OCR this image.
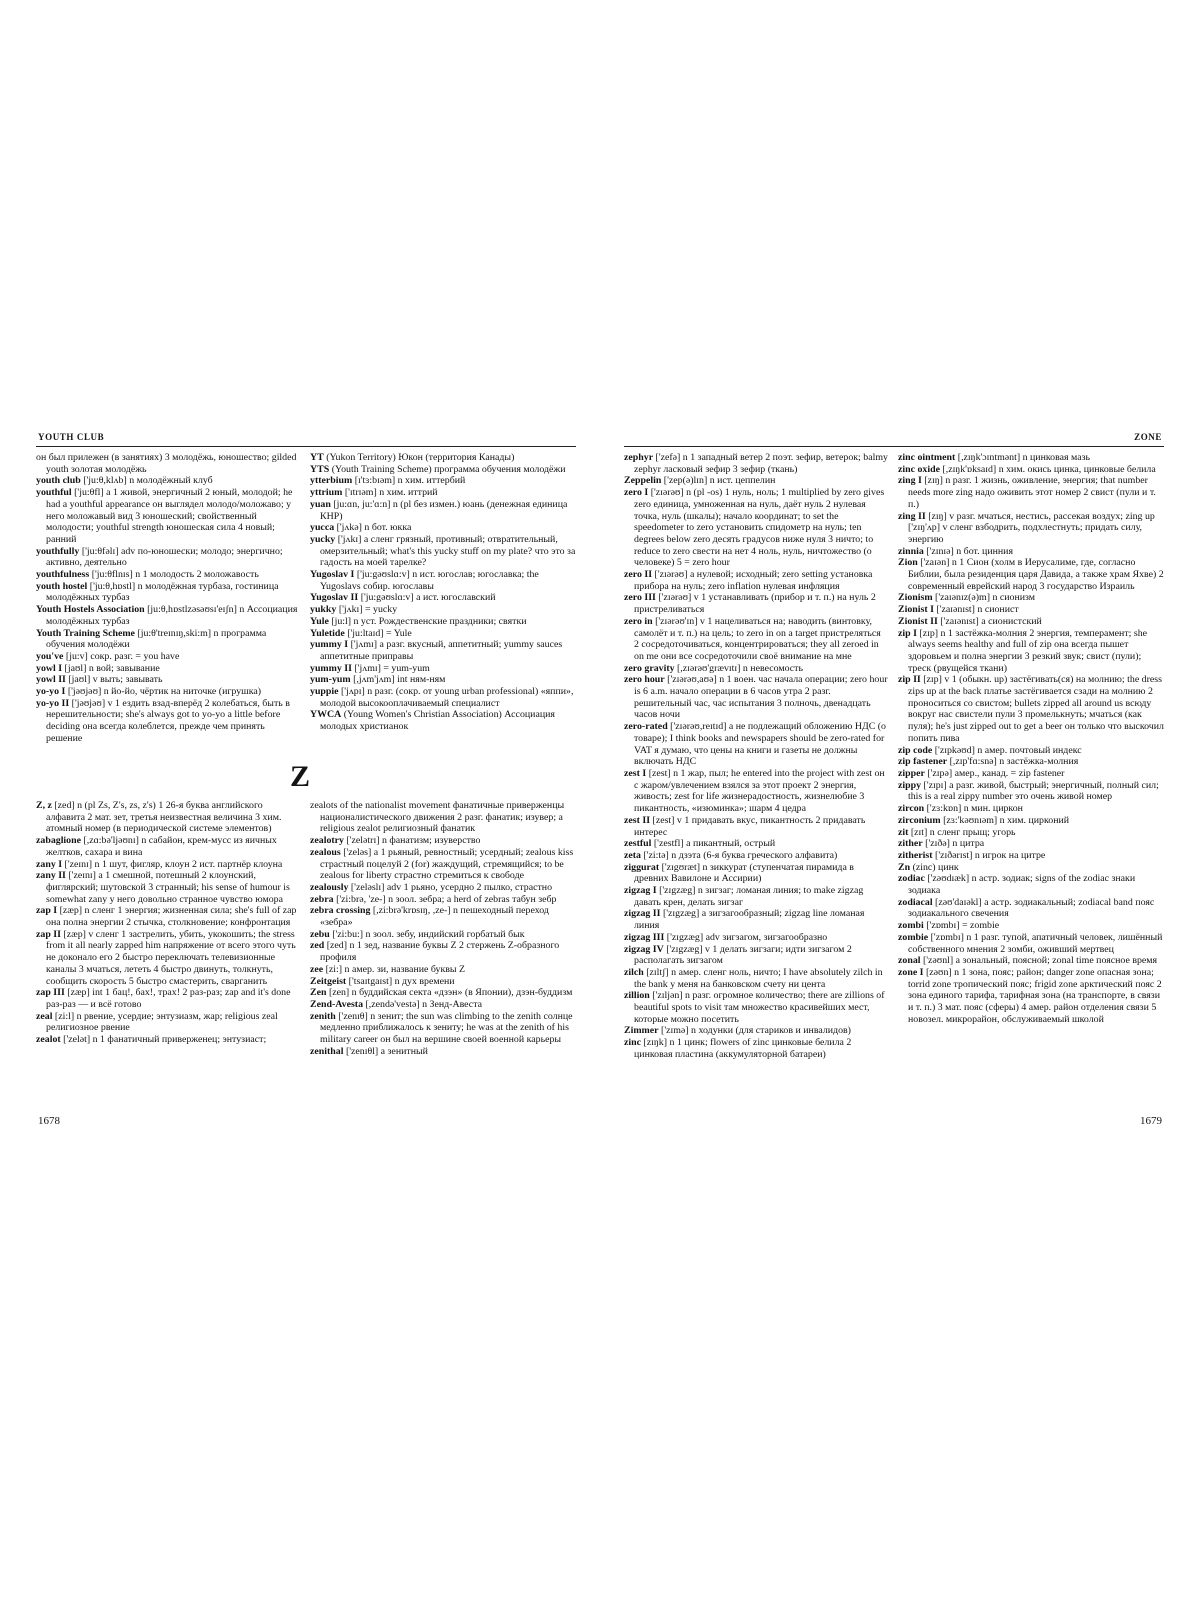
YOUTH CLUB	ZONE

он был прилежен (в занятиях) 3 молодёжь, юношество; gilded youth золотая молодёжь

youth club ['ju:θ,klʌb] n молодёжный клуб

youthful ['ju:θfl] a 1 живой, энергичный 2 юный, молодой; he had a youthful appearance он выглядел молодо/моложаво; у него моложавый вид 3 юношеский; свойственный молодости; youthful strength юношеская сила 4 новый; ранний

youthfully ['ju:θfəlɪ] adv по-юношески; молодо; энергично; активно, деятельно

youthfulness ['ju:θflnɪs] n 1 молодость 2 моложавость

youth hostel ['ju:θ,hɒstl] n молодёжная турбаза, гостиница молодёжных турбаз

Youth Hostels Association [ju:θ,hɒstlzəsəʊsɪ'eɪʃn] n Ассоциация молодёжных турбаз

Youth Training Scheme [ju:θ'treɪnɪŋ,ski:m] n программа обучения молодёжи

you've [ju:v] сокр. разг. = you have

yowl I [jaʊl] n вой; завывание

yowl II [jaʊl] v выть; завывать

yo-yo I ['jəʊjəʊ] n йо-йо, чёртик на ниточке (игрушка)

yo-yo II ['jəʊjəʊ] v 1 ездить взад-вперёд 2 колебаться, быть в нерешительности; she's always got to yo-yo a little before deciding она всегда колеблется, прежде чем принять решение

YT (Yukon Territory) Юкон (территория Канады)

YTS (Youth Training Scheme) программа обучения молодёжи

ytterbium [ɪ'tɜ:bɪəm] n хим. иттербий

yttrium ['ɪtrɪəm] n хим. иттрий

yuan [ju:ɑn, ju:'ɑ:n] n (pl без измен.) юань (денежная единица КНР)

yucca ['jʌkə] n бот. юкка

yucky ['jʌkɪ] a сленг грязный, противный; отвратительный, омерзительный; what's this yucky stuff on my plate? что это за гадость на моей тарелке?

Yugoslav I ['ju:gəʊslɑ:v] n ист. югослав; югославка; the Yugoslavs собир. югославы

Yugoslav II ['ju:gəʊslɑ:v] a ист. югославский

yukky ['jʌkɪ] = yucky

Yule [ju:l] n уст. Рождественские праздники; святки

Yuletide ['ju:ltaɪd] = Yule

yummy I ['jʌmɪ] a разг. вкусный, аппетитный; yummy sauces аппетитные приправы

yummy II ['jʌmɪ] = yum-yum

yum-yum [,jʌm'jʌm] int ням-ням

yuppie ['jʌpɪ] n разг. (сокр. от young urban professional) «яппи», молодой высокооплачиваемый специалист

YWCA (Young Women's Christian Association) Ассоциация молодых христианок

Z

Z, z [zed] n (pl Zs, Z's, zs, z's) 1 26-я буква английского алфавита 2 мат. зет, третья неизвестная величина 3 хим. атомный номер (в периодической системе элементов)

zabaglione [,zɑ:bə'ljəʊnɪ] n сабайон, крем-мусс из яичных желтков, сахара и вина

zany I ['zeɪnɪ] n 1 шут, фигляр, клоун 2 ист. партнёр клоуна

zany II ['zeɪnɪ] a 1 смешной, потешный 2 клоунский, фиглярский; шутовской 3 странный; his sense of humour is somewhat zany у него довольно странное чувство юмора

zap I [zæp] n сленг 1 энергия; жизненная сила; she's full of zap она полна энергии 2 стычка, столкновение; конфронтация

zap II [zæp] v сленг 1 застрелить, убить, укокошить; the stress from it all nearly zapped him напряжение от всего этого чуть не доконало его 2 быстро переключать телевизионные каналы 3 мчаться, лететь 4 быстро двинуть, толкнуть, сообщить скорость 5 быстро смастерить, сварганить

zap III [zæp] int 1 бац!, бах!, трах! 2 раз-раз; zap and it's done раз-раз — и всё готово

zeal [zi:l] n рвение, усердие; энтузиазм, жар; religious zeal религиозное рвение

zealot ['zelət] n 1 фанатичный приверженец; энтузиаст;

zealots of the nationalist movement фанатичные приверженцы националистического движения 2 разг. фанатик; изувер; a religious zealot религиозный фанатик

zealotry ['zelətrɪ] n фанатизм; изуверство

zealous ['zeləs] a 1 рьяный, ревностный; усердный; zealous kiss страстный поцелуй 2 (for) жаждущий, стремящийся; to be zealous for liberty страстно стремиться к свободе

zealously ['zeləslɪ] adv 1 рьяно, усердно 2 пылко, страстно

zebra ['zi:brə, 'ze-] n зоол. зебра; a herd of zebras табун зебр

zebra crossing [,zi:brə'krɒsɪŋ, ,ze-] n пешеходный переход «зебра»

zebu ['zi:bu:] n зоол. зебу, индийский горбатый бык

zed [zed] n 1 зед, название буквы Z 2 стержень Z-образного профиля

zee [zi:] n амер. зи, название буквы Z

Zeitgeist ['tsaɪtgaɪst] n дух времени

Zen [zen] n буддийская секта «дзэн» (в Японии), дзэн-буддизм

Zend-Avesta [,zendə'vestə] n Зенд-Авеста

zenith ['zenɪθ] n зенит; the sun was climbing to the zenith солнце медленно приближалось к зениту; he was at the zenith of his military career он был на вершине своей военной карьеры

zenithal ['zenɪθl] a зенитный

zephyr ['zefə] n 1 западный ветер 2 поэт. зефир, ветерок; balmy zephyr ласковый зефир 3 зефир (ткань)

Zeppelin ['zep(ə)lɪn] n ист. цеппелин

zero I ['zɪərəʊ] n (pl -os) 1 нуль, ноль; 1 multiplied by zero gives zero единица, умноженная на нуль, даёт нуль 2 нулевая точка, нуль (шкалы); начало координат; to set the speedometer to zero установить спидометр на нуль; ten degrees below zero десять градусов ниже нуля 3 ничто; to reduce to zero свести на нет 4 ноль, нуль, ничтожество (о человеке) 5 = zero hour

zero II ['zɪərəʊ] a нулевой; исходный; zero setting установка прибора на нуль; zero inflation нулевая инфляция

zero III ['zɪərəʊ] v 1 устанавливать (прибор и т. п.) на нуль 2 пристреливаться

zero in ['zɪərəʊ'ɪn] v 1 нацеливаться на; наводить (винтовку, самолёт и т. п.) на цель; to zero in on a target пристреляться 2 сосредоточиваться, концентрироваться; they all zeroed in on me они все сосредоточили своё внимание на мне

zero gravity [,zɪərəʊ'grævɪtɪ] n невесомость

zero hour ['zɪərəʊ,aʊə] n 1 воен. час начала операции; zero hour is 6 a.m. начало операции в 6 часов утра 2 разг. решительный час, час испытания 3 полночь, двенадцать часов ночи

zero-rated ['zɪərəʊ,reɪtɪd] a не подлежащий обложению НДС (о товаре); I think books and newspapers should be zero-rated for VAT я думаю, что цены на книги и газеты не должны включать НДС

zest I [zest] n 1 жар, пыл; he entered into the project with zest он с жаром/увлечением взялся за этот проект 2 энергия, живость; zest for life жизнерадостность, жизнелюбие 3 пикантность, «изюминка»; шарм 4 цедра

zest II [zest] v 1 придавать вкус, пикантность 2 придавать интерес

zestful ['zestfl] a пикантный, острый

zeta ['zi:tə] n дзэта (6-я буква греческого алфавита)

ziggurat ['zɪgʊræt] n зиккурат (ступенчатая пирамида в древних Вавилоне и Ассирии)

zigzag I ['zɪgzæg] n зигзаг; ломаная линия; to make zigzag давать крен, делать зигзаг

zigzag II ['zɪgzæg] a зигзагообразный; zigzag line ломаная линия

zigzag III ['zɪgzæg] adv зигзагом, зигзагообразно

zigzag IV ['zɪgzæg] v 1 делать зигзаги; идти зигзагом 2 располагать зигзагом

zilch [zɪltʃ] n амер. сленг ноль, ничто; I have absolutely zilch in the bank у меня на банковском счету ни цента

zillion ['zɪljən] n разг. огромное количество; there are zillions of beautiful spots to visit там множество красивейших мест, которые можно посетить

Zimmer ['zɪmə] n ходунки (для стариков и инвалидов)

zinc [zɪŋk] n 1 цинк; flowers of zinc цинковые белила 2 цинковая пластина (аккумуляторной батареи)

zinc ointment [,zɪŋk'ɔɪntmənt] n цинковая мазь

zinc oxide [,zɪŋk'ɒksaɪd] n хим. окись цинка, цинковые белила

zing I [zɪŋ] n разг. 1 жизнь, оживление, энергия; that number needs more zing надо оживить этот номер 2 свист (пули и т. п.)

zing II [zɪŋ] v разг. мчаться, нестись, рассекая воздух; zing up ['zɪŋ'ʌp] v сленг взбодрить, подхлестнуть; придать силу, энергию

zinnia ['zɪnɪə] n бот. цинния

Zion ['zaɪən] n 1 Сион (холм в Иерусалиме, где, согласно Библии, была резиденция царя Давида, а также храм Яхве) 2 современный еврейский народ 3 государство Израиль

Zionism ['zaɪənɪz(ə)m] n сионизм

Zionist I ['zaɪənɪst] n сионист

Zionist II ['zaɪənɪst] a сионистский

zip I [zɪp] n 1 застёжка-молния 2 энергия, темперамент; she always seems healthy and full of zip она всегда пышет здоровьем и полна энергии 3 резкий звук; свист (пули); треск (рвущейся ткани)

zip II [zɪp] v 1 (обыкн. up) застёгивать(ся) на молнию; the dress zips up at the back платье застёгивается сзади на молнию 2 проноситься со свистом; bullets zipped all around us всюду вокруг нас свистели пули 3 промелькнуть; мчаться (как пуля); he's just zipped out to get a beer он только что выскочил попить пива

zip code ['zɪpkəʊd] n амер. почтовый индекс

zip fastener [,zɪp'fɑ:snə] n застёжка-молния

zipper ['zɪpə] амер., канад. = zip fastener

zippy ['zɪpɪ] a разг. живой, быстрый; энергичный, полный сил; this is a real zippy number это очень живой номер

zircon ['zɜ:kɒn] n мин. циркон

zirconium [zɜ:'kəʊnɪəm] n хим. цирконий

zit [zɪt] n сленг прыщ; угорь

zither ['zɪðə] n цитра

zitherist ['zɪðərɪst] n игрок на цитре

Zn (zinc) цинк

zodiac ['zəʊdɪæk] n астр. зодиак; signs of the zodiac знаки зодиака

zodiacal [zəʊ'daɪəkl] a астр. зодиакальный; zodiacal band пояс зодиакального свечения

zombi ['zɒmbɪ] = zombie

zombie ['zɒmbɪ] n 1 разг. тупой, апатичный человек, лишённый собственного мнения 2 зомби, оживший мертвец

zonal ['zəʊnl] a зональный, поясной; zonal time поясное время

zone I [zəʊn] n 1 зона, пояс; район; danger zone опасная зона; torrid zone тропический пояс; frigid zone арктический пояс 2 зона единого тарифа, тарифная зона (на транспорте, в связи и т. п.) 3 мат. пояс (сферы) 4 амер. район отделения связи 5 новозел. микрорайон, обслуживаемый школой

1678	1679
